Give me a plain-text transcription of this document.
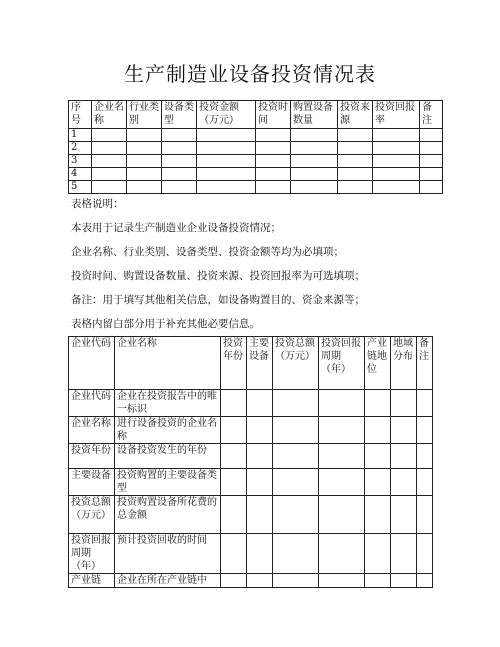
生产制造业设备投资情况表
序号	企业名称	行业类别	设备类型	投资金额（万元）	投资时间	购置设备数量	投资来源	投资回报率	备注
1									
2									
3									
4									
5									
表格说明：
本表用于记录生产制造业企业设备投资情况；
企业名称、行业类别、设备类型、投资金额等均为必填项；
投资时间、购置设备数量、投资来源、投资回报率为可选填项；
备注：用于填写其他相关信息，如设备购置目的、资金来源等；
表格内留白部分用于补充其他必要信息。
企业代码	企业名称	投资年份	主要设备	投资总额（万元）	投资回报周期（年）	产业链地位	地域分布	备注
企业代码	企业在投资报告中的唯一标识							
企业名称	进行设备投资的企业名称							
投资年份	设备投资发生的年份							
主要设备	投资购置的主要设备类型							
投资总额（万元）	投资购置设备所花费的总金额							
投资回报周期（年）	预计投资回收的时间							
产业链	企业在所在产业链中							
